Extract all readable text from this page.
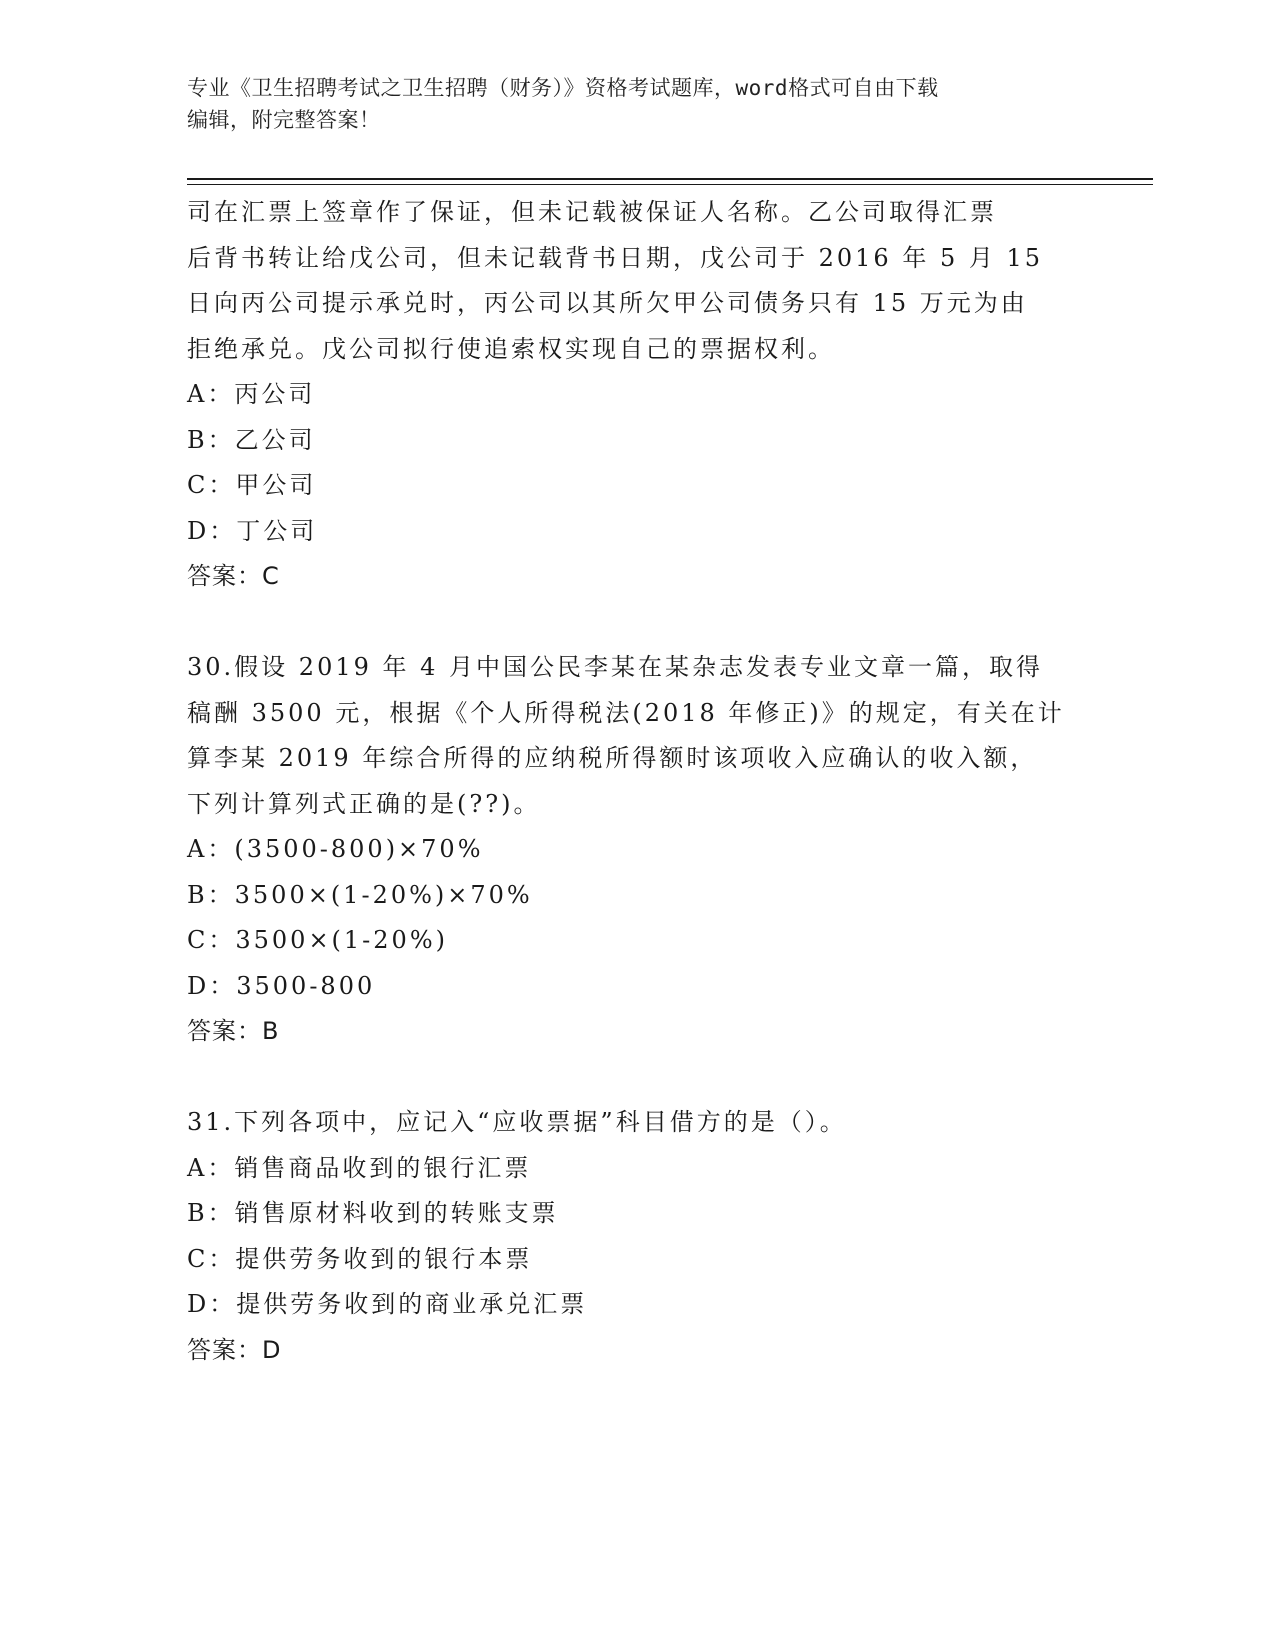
专业《卫生招聘考试之卫生招聘（财务）》资格考试题库，word格式可自由下载
编辑，附完整答案！
司在汇票上签章作了保证，但未记载被保证人名称。乙公司取得汇票
后背书转让给戊公司，但未记载背书日期，戊公司于 2016 年 5 月 15
日向丙公司提示承兑时，丙公司以其所欠甲公司债务只有 15 万元为由
拒绝承兑。戊公司拟行使追索权实现自己的票据权利。
A：丙公司
B：乙公司
C：甲公司
D：丁公司
答案：C
30.假设 2019 年 4 月中国公民李某在某杂志发表专业文章一篇，取得
稿酬 3500 元，根据《个人所得税法(2018 年修正)》的规定，有关在计
算李某 2019 年综合所得的应纳税所得额时该项收入应确认的收入额，
下列计算列式正确的是(??)。
A：(3500-800)×70%
B：3500×(1-20%)×70%
C：3500×(1-20%)
D：3500-800
答案：B
31.下列各项中，应记入“应收票据”科目借方的是（）。
A：销售商品收到的银行汇票
B：销售原材料收到的转账支票
C：提供劳务收到的银行本票
D：提供劳务收到的商业承兑汇票
答案：D
